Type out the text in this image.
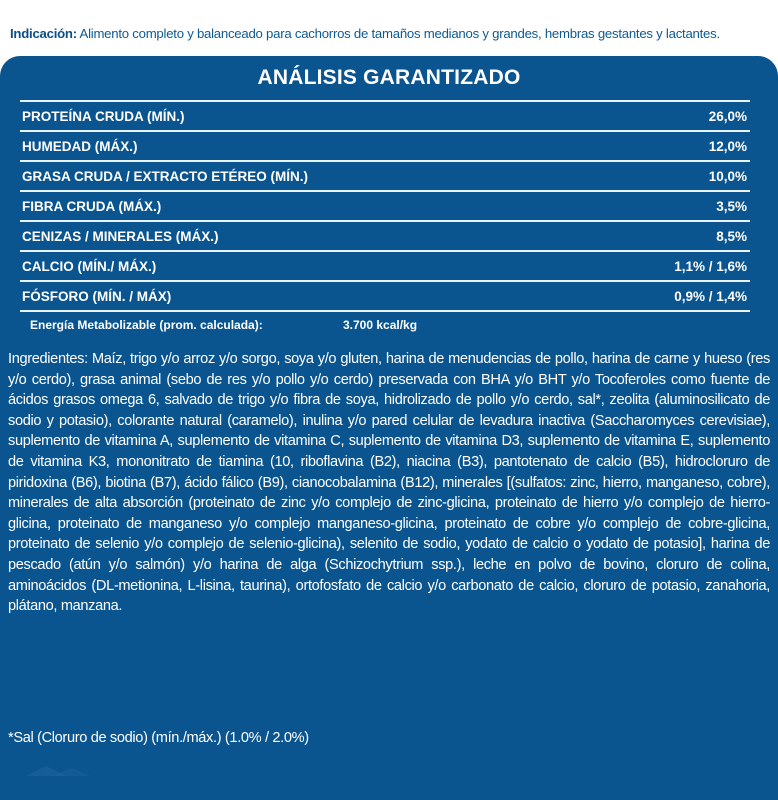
Indicación: Alimento completo y balanceado para cachorros de tamaños medianos y grandes, hembras gestantes y lactantes.
ANÁLISIS GARANTIZADO
PROTEÍNA CRUDA (MÍN.)	26,0%
HUMEDAD (MÁX.)	12,0%
GRASA CRUDA / EXTRACTO ETÉREO (MÍN.)	10,0%
FIBRA CRUDA (MÁX.)	3,5%
CENIZAS / MINERALES (MÁX.)	8,5%
CALCIO (MÍN./ MÁX.)	1,1% / 1,6%
FÓSFORO (MÍN. / MÁX)	0,9% / 1,4%
Energía Metabolizable (prom. calculada):	3.700 kcal/kg
Ingredientes: Maíz, trigo y/o arroz y/o sorgo, soya y/o gluten, harina de menudencias de pollo, harina de carne y hueso (res y/o cerdo), grasa animal (sebo de res y/o pollo y/o cerdo) preservada con BHA y/o BHT y/o Tocoferoles como fuente de ácidos grasos omega 6, salvado de trigo y/o fibra de soya, hidrolizado de pollo y/o cerdo, sal*, zeolita (aluminosilicato de sodio y potasio), colorante natural (caramelo), inulina y/o pared celular de levadura inactiva (Saccharomyces cerevisiae), suplemento de vitamina A, suplemento de vitamina C, suplemento de vitamina D3, suplemento de vitamina E, suplemento de vitamina K3, mononitrato de tiamina (10, riboflavina (B2), niacina (B3), pantotenato de calcio (B5), hidrocloruro de piridoxina (B6), biotina (B7), ácido fálico (B9), cianocobalamina (B12), minerales [(sulfatos: zinc, hierro, manganeso, cobre), minerales de alta absorción (proteinato de zinc y/o complejo de zinc-glicina, proteinato de hierro y/o complejo de hierro-glicina, proteinato de manganeso y/o complejo manganeso-glicina, proteinato de cobre y/o complejo de cobre-glicina, proteinato de selenio y/o complejo de selenio-glicina), selenito de sodio, yodato de calcio o yodato de potasio], harina de pescado (atún y/o salmón) y/o harina de alga (Schizochytrium ssp.), leche en polvo de bovino, cloruro de colina, aminoácidos (DL-metionina, L-lisina, taurina), ortofosfato de calcio y/o carbonato de calcio, cloruro de potasio, zanahoria, plátano, manzana.
*Sal (Cloruro de sodio) (mín./máx.) (1.0% / 2.0%)
